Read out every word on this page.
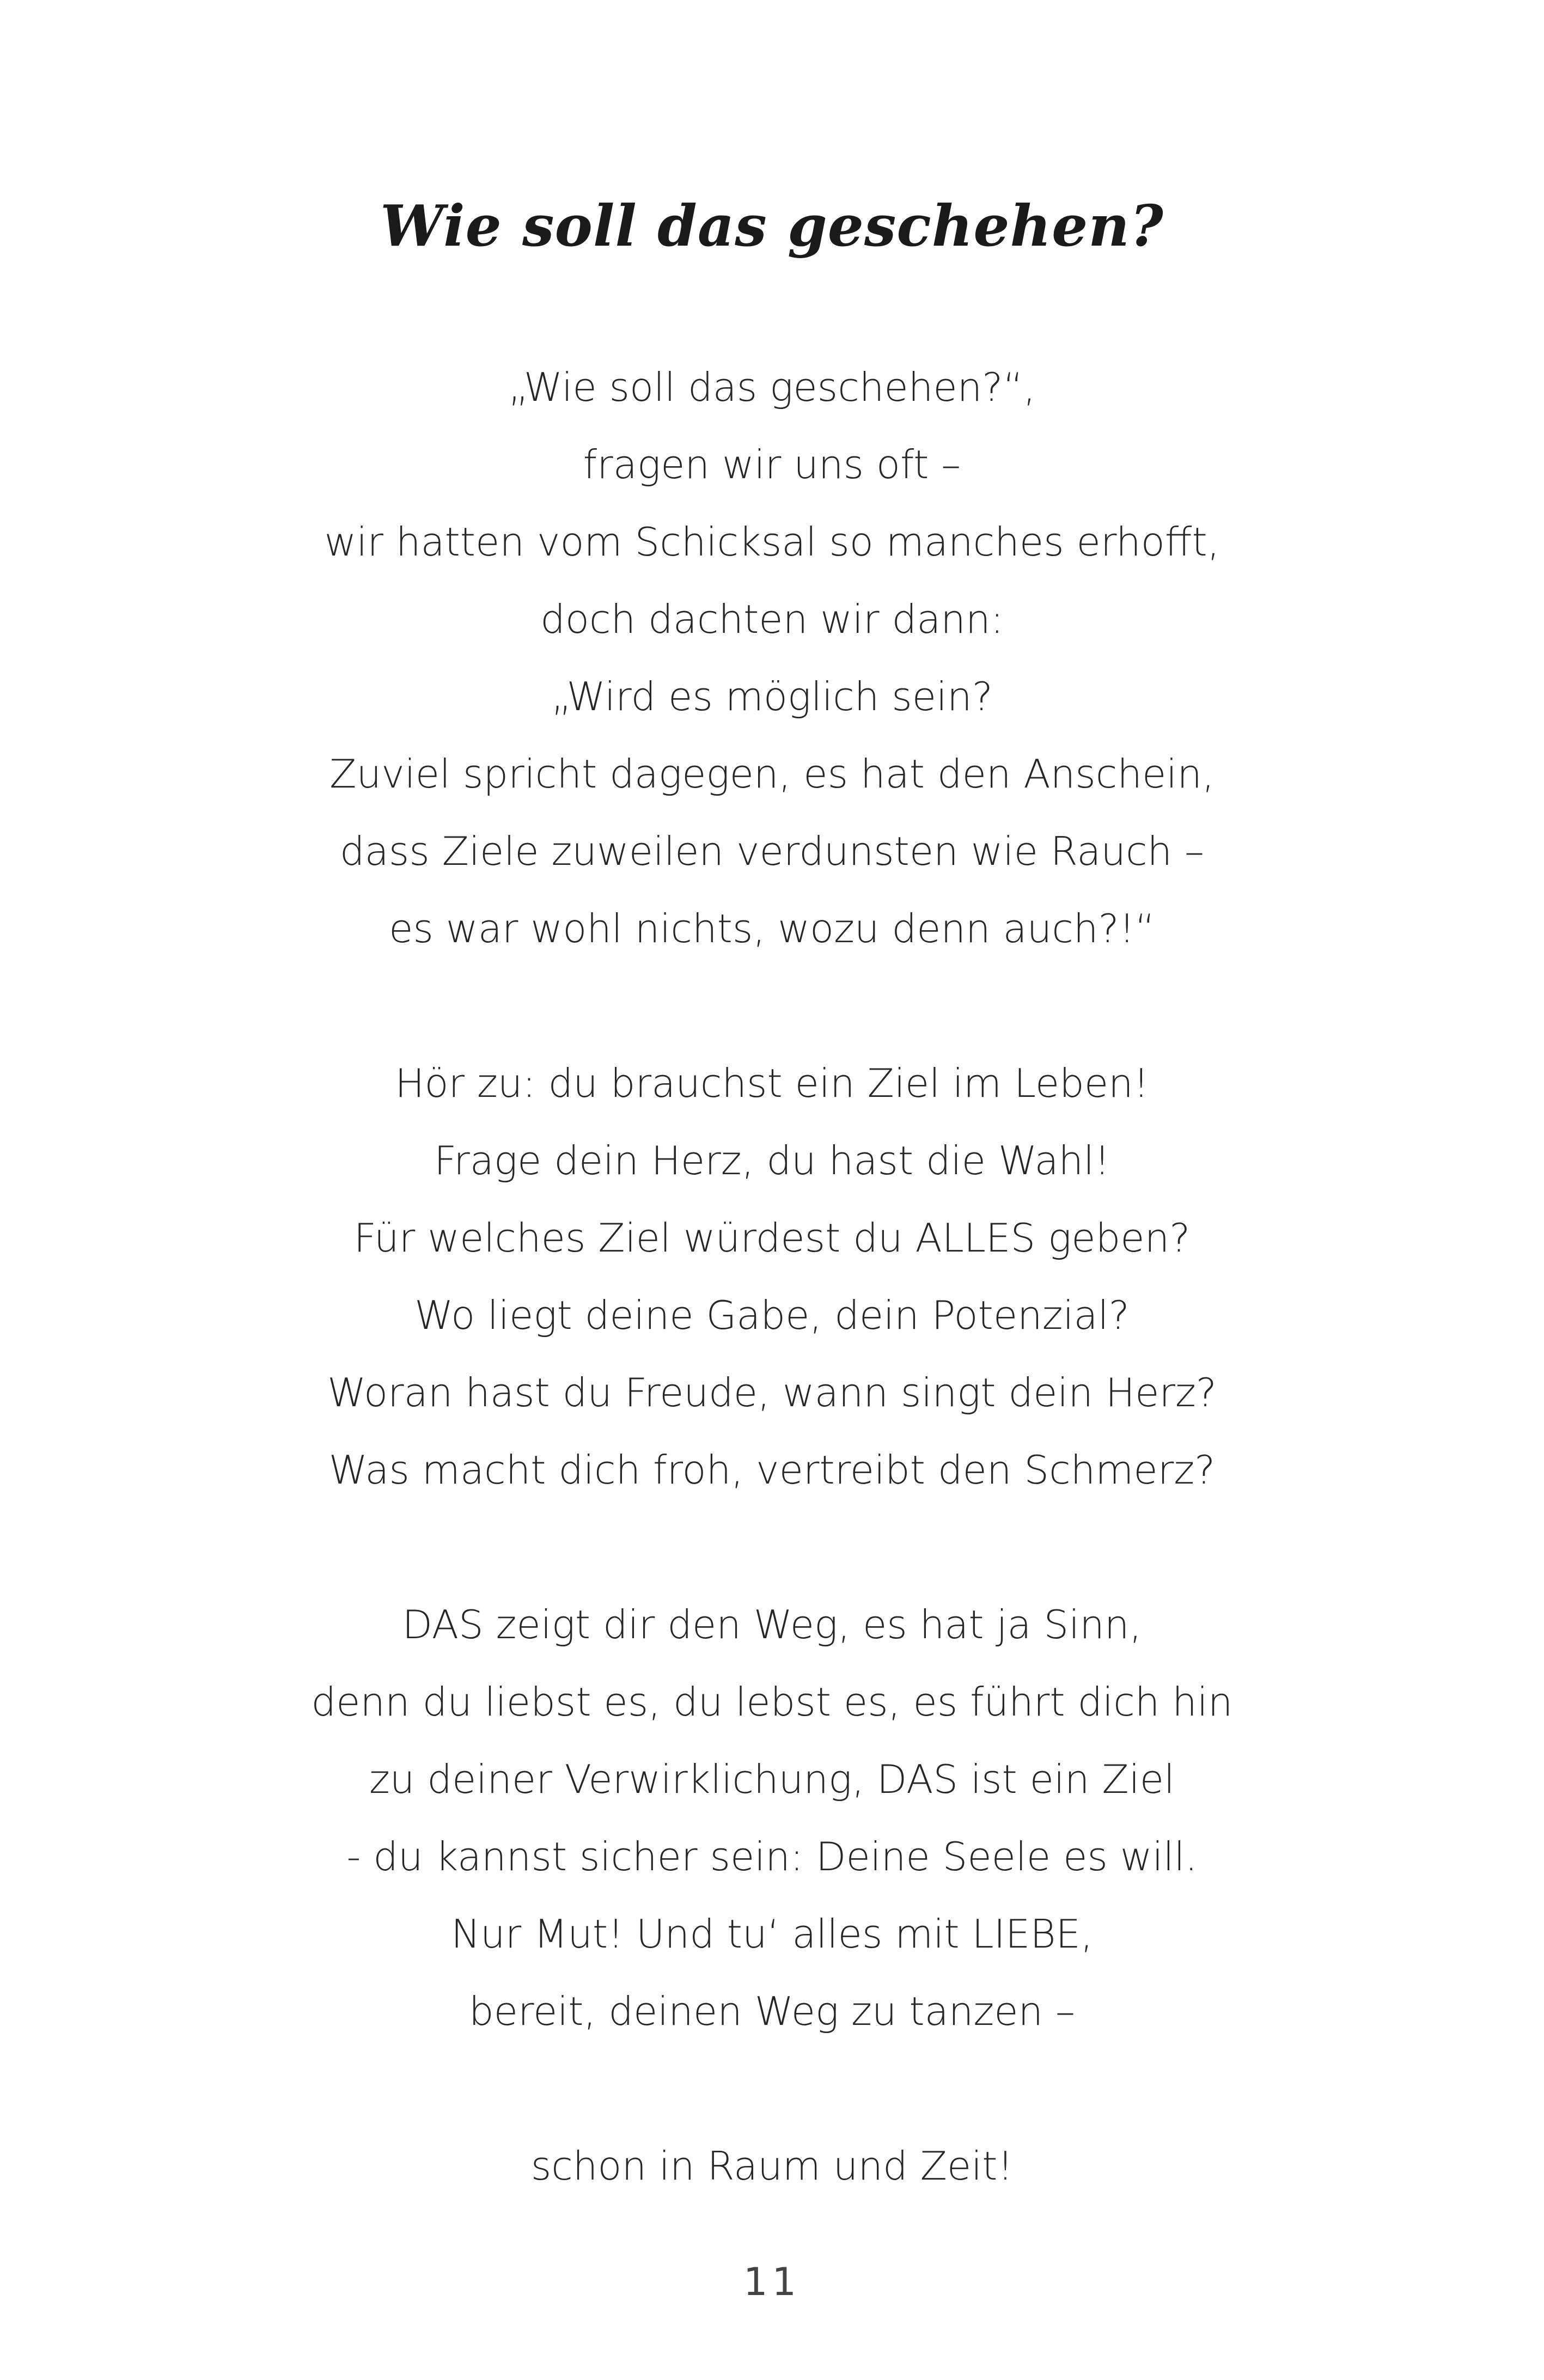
Wie soll das geschehen?
„Wie soll das geschehen?“,
fragen wir uns oft –
wir hatten vom Schicksal so manches erhofft,
doch dachten wir dann:
„Wird es möglich sein?
Zuviel spricht dagegen, es hat den Anschein,
dass Ziele zuweilen verdunsten wie Rauch –
es war wohl nichts, wozu denn auch?!“
Hör zu: du brauchst ein Ziel im Leben!
Frage dein Herz, du hast die Wahl!
Für welches Ziel würdest du ALLES geben?
Wo liegt deine Gabe, dein Potenzial?
Woran hast du Freude, wann singt dein Herz?
Was macht dich froh, vertreibt den Schmerz?
DAS zeigt dir den Weg, es hat ja Sinn,
denn du liebst es, du lebst es, es führt dich hin
zu deiner Verwirklichung, DAS ist ein Ziel
- du kannst sicher sein: Deine Seele es will.
Nur Mut! Und tu‘ alles mit LIEBE,
bereit, deinen Weg zu tanzen –
schon in Raum und Zeit!
11
